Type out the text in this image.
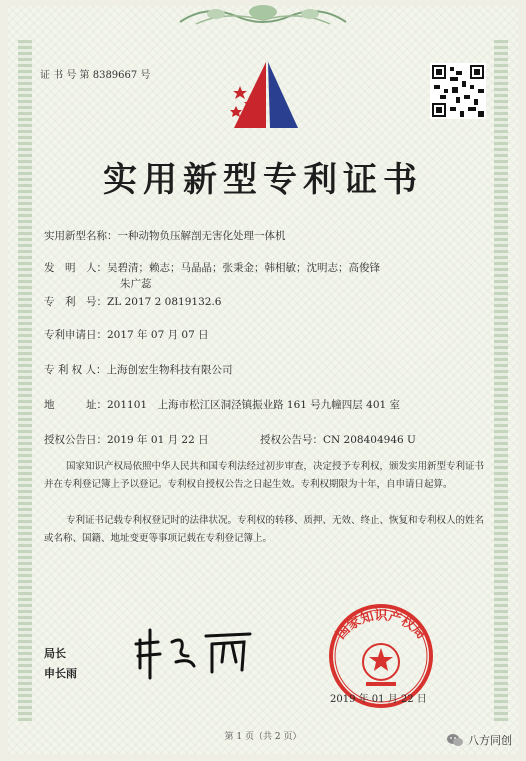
证 书 号 第 8389667 号
实用新型专利证书
实用新型名称：一种动物负压解剖无害化处理一体机
发　明　人：吴碧清；赖志；马晶晶；张秉金；韩相敏；沈明志；高俊锋
朱广蕊
专　利　号：ZL 2017 2 0819132.6
专利申请日：2017 年 07 月 07 日
专 利 权 人：上海创宏生物科技有限公司
地　　　址：201101　上海市松江区洞泾镇振业路 161 号九幢四层 401 室
授权公告日：2019 年 01 月 22 日	授权公告号：CN 208404946 U
国家知识产权局依照中华人民共和国专利法经过初步审查，决定授予专利权，颁发实用新型专利证书并在专利登记簿上予以登记。专利权自授权公告之日起生效。专利权期限为十年，自申请日起算。
专利证书记载专利权登记时的法律状况。专利权的转移、质押、无效、终止、恢复和专利权人的姓名或名称、国籍、地址变更等事项记载在专利登记簿上。
局长
申长雨
国家知识产权局
2019 年 01 月 22 日
第 1 页（共 2 页）	八方同创
